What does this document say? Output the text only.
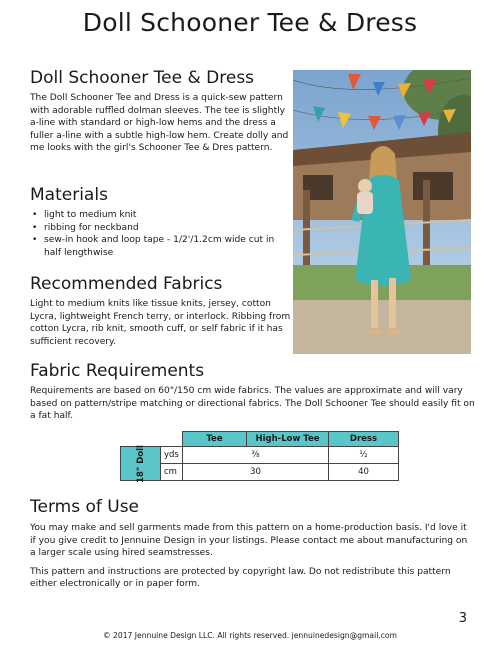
Doll Schooner Tee & Dress
Doll Schooner Tee & Dress

The Doll Schooner Tee and Dress is a quick-sew pattern with adorable ruffled dolman sleeves. The tee is slightly a-line with standard or high-low hems and the dress a fuller a-line with a subtle high-low hem. Create dolly and me looks with the girl's Schooner Tee & Dres pattern.

Materials
• light to medium knit
• ribbing for neckband
• sew-in hook and loop tape - 1/2'/1.2cm wide cut in half lengthwise
Recommended Fabrics

Light to medium knits like tissue knits, jersey, cotton Lycra, lightweight French terry, or interlock. Ribbing from cotton Lycra, rib knit, smooth cuff, or self fabric if it has sufficient recovery.

Fabric Requirements

Requirements are based on 60"/150 cm wide fabrics. The values are approximate and will vary based on pattern/stripe matching or directional fabrics. The Doll Schooner Tee should easily fit on a fat half.

		Tee	High-Low Tee	Dress
18" Doll	yds	⅜		½
	cm	30		40
Terms of Use

You may make and sell garments made from this pattern on a home-production basis. I'd love it if you give credit to Jennuine Design in your listings. Please contact me about manufacturing on a larger scale using hired seamstresses.

This pattern and instructions are protected by copyright law. Do not redistribute this pattern either electronically or in paper form.

3
© 2017 Jennuine Design LLC. All rights reserved. jennuinedesign@gmail.com
